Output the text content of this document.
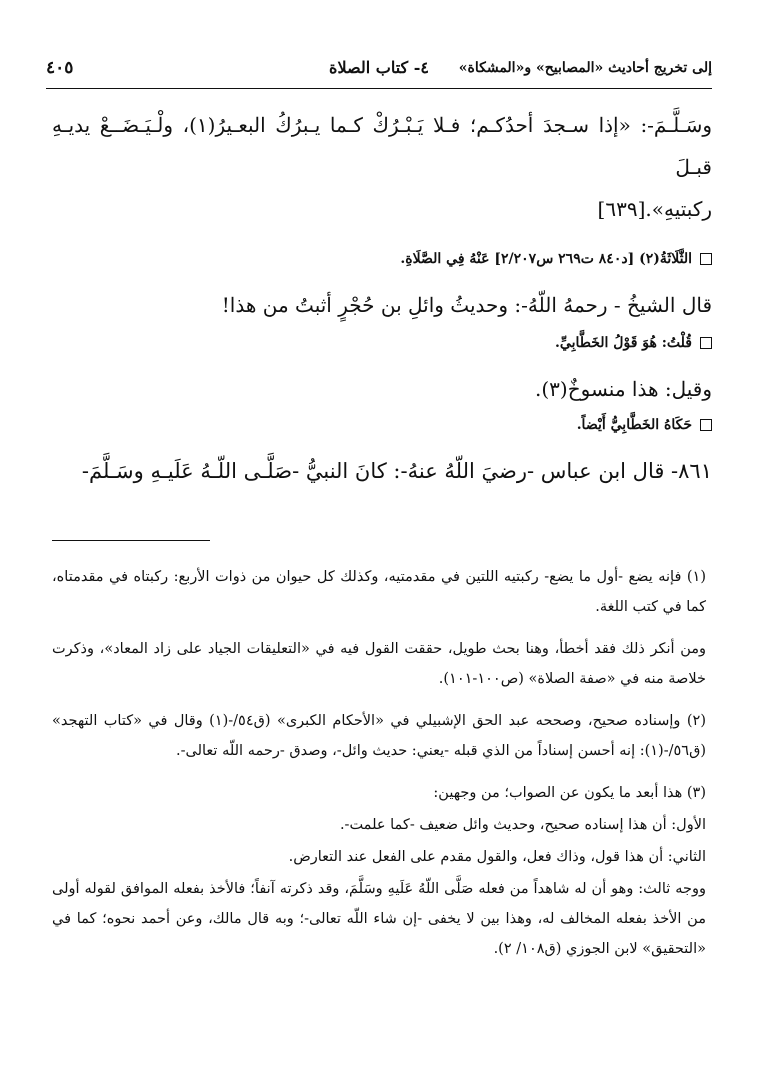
إلى تخريج أحاديث «المصابيح» و«المشكاة»
٤- كتاب الصلاة
٤٠٥
وسَـلَّـمَ-: «إذا سـجدَ أحدُكـم؛ فـلا يَـبْـرُكْ كـما يـبرُكُ البعـيرُ(١)، ولْـيَـضَــعْ يديـهِ قبـلَ
ركبتيهِ».[٦٣٩]
الثَّلَاثَةُ(٢) [د٨٤٠ ت٢٦٩ س٢/٢٠٧] عَنْهُ فِي الصَّلَاةِ.
قال الشيخُ - رحمهُ اللّهُ-: وحديثُ وائلِ بن حُجْرٍ أثبتُ من هذا!
قُلْتُ: هُوَ قَوْلُ الخَطَّابِيِّ.
وقيل: هذا منسوخٌ(٣).
حَكَاهُ الخَطَّابِيُّ أَيْضاً.
٨٦١- قال ابن عباس -رضيَ اللّهُ عنهُ-: كانَ النبيُّ -صَلَّـى اللّـهُ عَلَيـهِ وسَـلَّمَ-

(١) فإنه يضع -أول ما يضع- ركبتيه اللتين في مقدمتيه، وكذلك كل حيوان من ذوات الأربع: ركبتاه في مقدمتاه، كما في كتب اللغة.

ومن أنكر ذلك فقد أخطأ، وهنا بحث طويل، حققت القول فيه في «التعليقات الجياد على زاد المعاد»، وذكرت خلاصة منه في «صفة الصلاة» (ص١٠٠-١٠١).

(٢) وإسناده صحيح، وصححه عبد الحق الإشبيلي في «الأحكام الكبرى» (ق٥٤/-(١) وقال في «كتاب التهجد» (ق٥٦/-(١): إنه أحسن إسناداً من الذي قبله -يعني: حديث وائل-، وصدق -رحمه اللّه تعالى-.

(٣) هذا أبعد ما يكون عن الصواب؛ من وجهين:

الأول: أن هذا إسناده صحيح، وحديث وائل ضعيف -كما علمت-.

الثاني: أن هذا قول، وذاك فعل، والقول مقدم على الفعل عند التعارض.

ووجه ثالث: وهو أن له شاهداً من فعله صَلَّى اللّهُ عَلَيهِ وسَلَّمَ، وقد ذكرته آنفاً؛ فالأخذ بفعله الموافق لقوله أولى من الأخذ بفعله المخالف له، وهذا بين لا يخفى -إن شاء اللّه تعالى-؛ وبه قال مالك، وعن أحمد نحوه؛ كما في «التحقيق» لابن الجوزي (ق١٠٨/ ٢).
